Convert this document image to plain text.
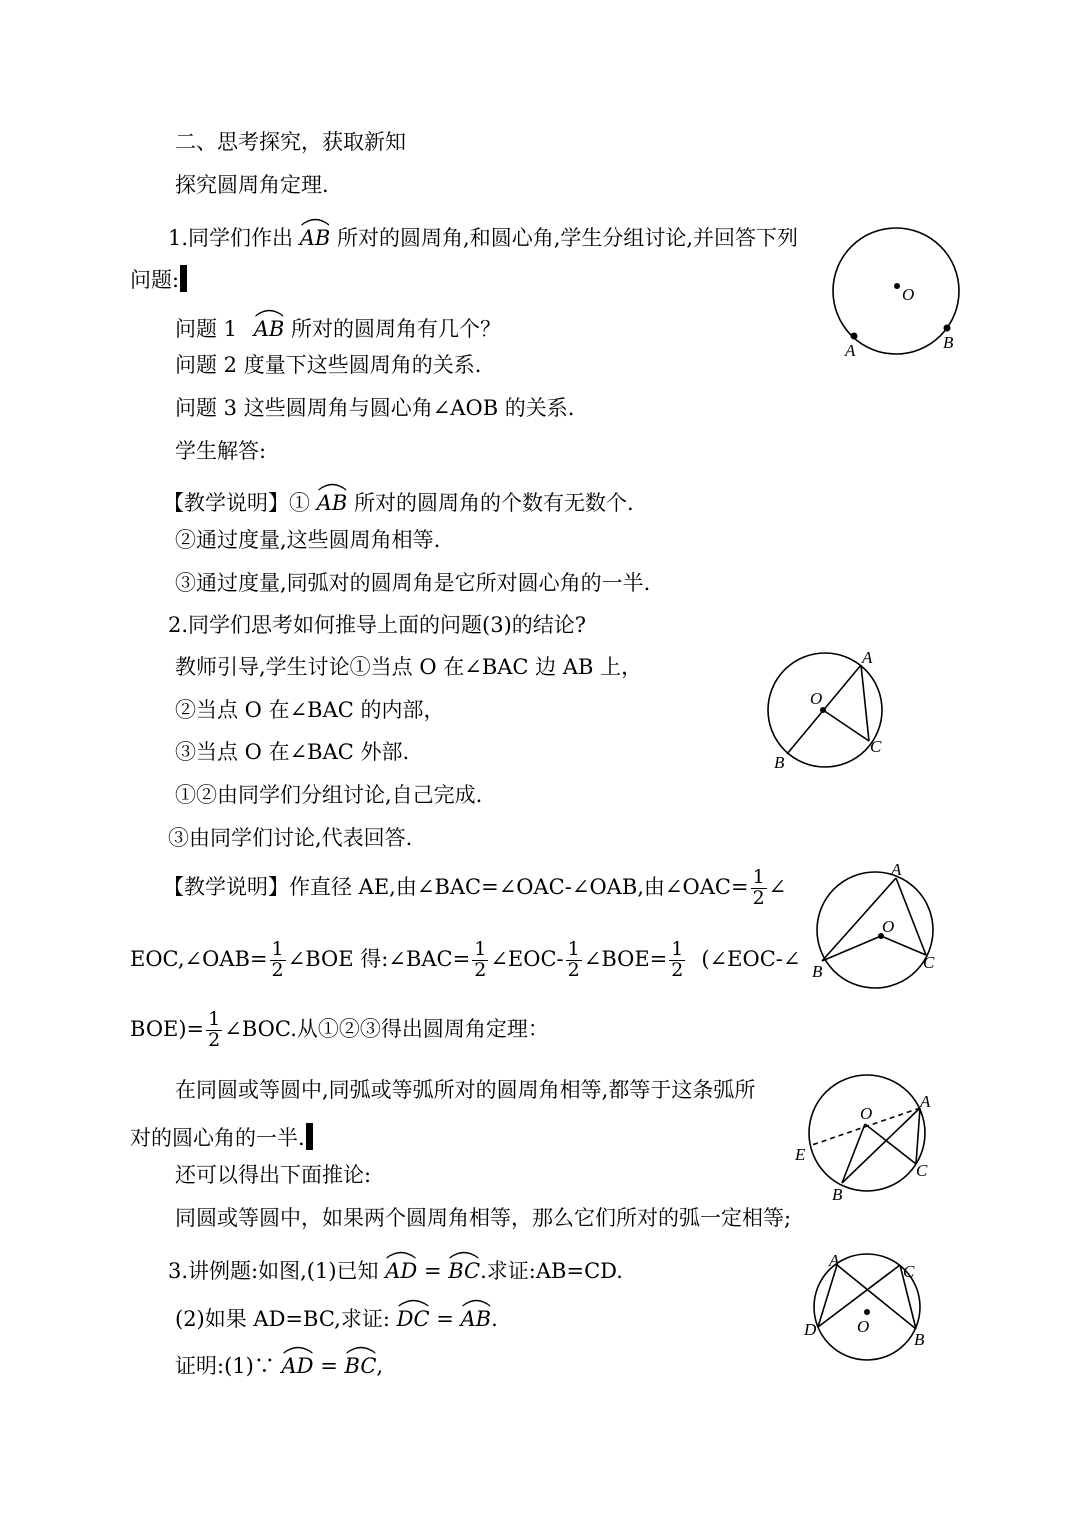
二、思考探究，获取新知
探究圆周角定理.
1.同学们作出 AB 所对的圆周角,和圆心角,学生分组讨论,并回答下列
问题:
问题 1 AB 所对的圆周角有几个？
问题 2 度量下这些圆周角的关系.
问题 3 这些圆周角与圆心角∠AOB 的关系.
学生解答:
【教学说明】① AB 所对的圆周角的个数有无数个.
②通过度量,这些圆周角相等.
③通过度量,同弧对的圆周角是它所对圆心角的一半.
2.同学们思考如何推导上面的问题(3)的结论?
教师引导,学生讨论①当点 O 在∠BAC 边 AB 上，
②当点 O 在∠BAC 的内部，
③当点 O 在∠BAC 外部.
①②由同学们分组讨论,自己完成.
③由同学们讨论,代表回答.
【教学说明】作直径 AE,由∠BAC=∠OAC-∠OAB,由∠OAC= $\frac{1}{2}$ ∠
EOC,∠OAB= $\frac{1}{2}$ ∠BOE 得:∠BAC= $\frac{1}{2}$ ∠EOC- $\frac{1}{2}$ ∠BOE= $\frac{1}{2}$ (∠EOC-∠
$BOE)= \frac{1}{2}$ ∠BOC.从①②③得出圆周角定理：
在同圆或等圆中,同弧或等弧所对的圆周角相等,都等于这条弧所
对的圆心角的一半.
还可以得出下面推论:
同圆或等圆中，如果两个圆周角相等，那么它们所对的弧一定相等;
3.讲例题:如图,(1)已知 AD = BC.求证:AB=CD.
(2)如果 AD=BC,求证: DC = AB.
证明:(1)∵ AD = BC,
O
A	B
O
A
B
C
O
A
B	C
O
A
B
C
E
O
A
B
C
D
